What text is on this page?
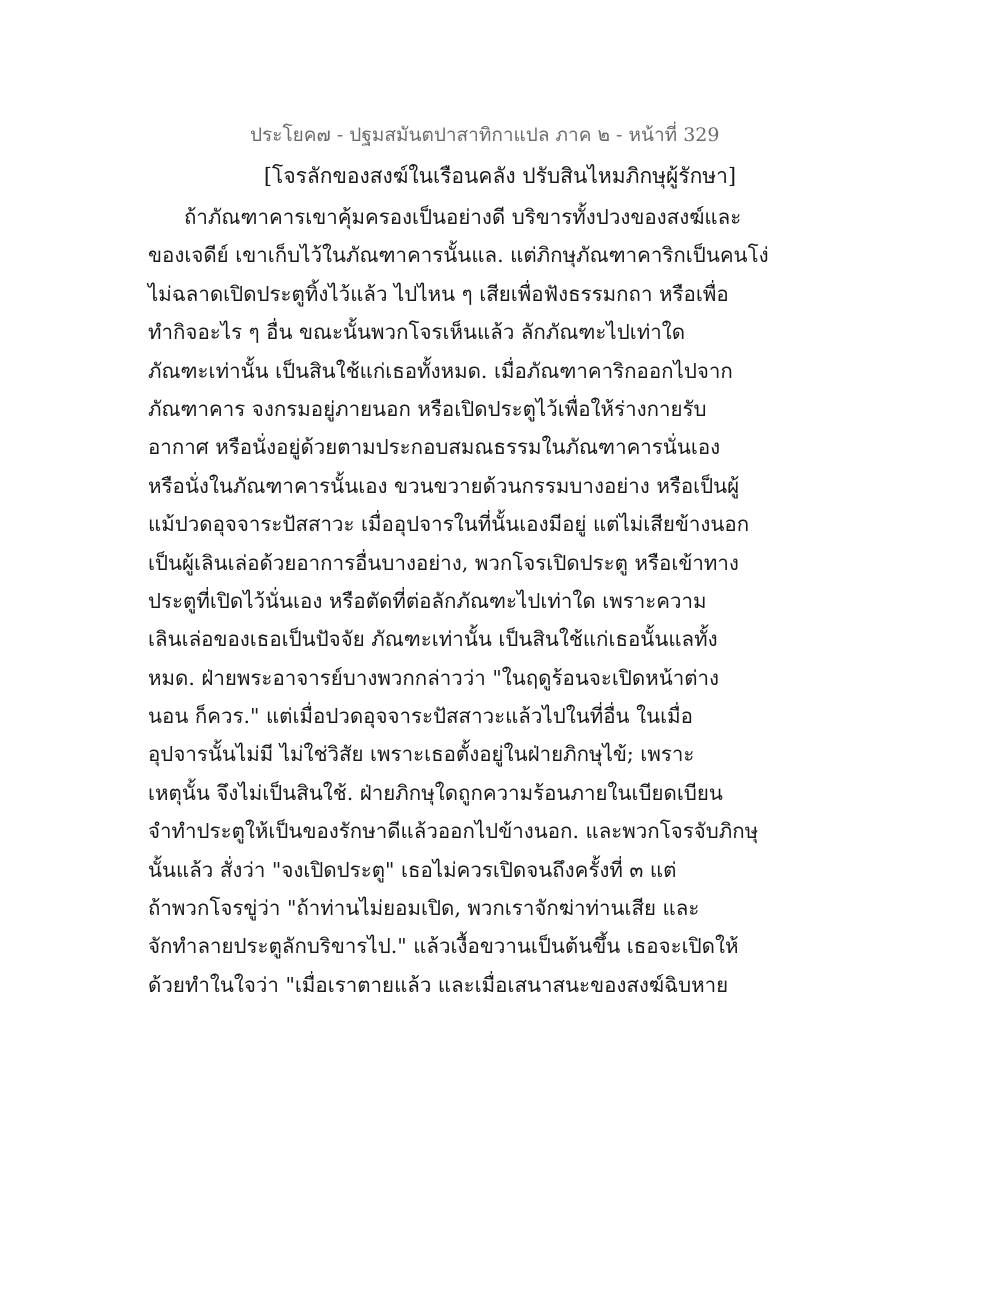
ประโยค๗ - ปฐมสมันตปาสาทิกาแปล ภาค ๒ - หน้าที่ 329
[โจรลักของสงฆ์ในเรือนคลัง ปรับสินไหมภิกษุผู้รักษา]
ถ้าภัณฑาคารเขาคุ้มครองเป็นอย่างดี บริขารทั้งปวงของสงฆ์และ
ของเจดีย์ เขาเก็บไว้ในภัณฑาคารนั้นแล. แต่ภิกษุภัณฑาคาริกเป็นคนโง่
ไม่ฉลาดเปิดประตูทิ้งไว้แล้ว ไปไหน ๆ เสียเพื่อฟังธรรมกถา หรือเพื่อ
ทำกิจอะไร ๆ อื่น ขณะนั้นพวกโจรเห็นแล้ว ลักภัณฑะไปเท่าใด
ภัณฑะเท่านั้น เป็นสินใช้แก่เธอทั้งหมด. เมื่อภัณฑาคาริกออกไปจาก
ภัณฑาคาร จงกรมอยู่ภายนอก หรือเปิดประตูไว้เพื่อให้ร่างกายรับ
อากาศ หรือนั่งอยู่ด้วยตามประกอบสมณธรรมในภัณฑาคารนั่นเอง
หรือนั่งในภัณฑาคารนั้นเอง ขวนขวายด้วนกรรมบางอย่าง หรือเป็นผู้
แม้ปวดอุจจาระปัสสาวะ เมื่ออุปจารในที่นั้นเองมีอยู่ แต่ไม่เสียข้างนอก
เป็นผู้เลินเล่อด้วยอาการอื่นบางอย่าง, พวกโจรเปิดประตู หรือเข้าทาง
ประตูที่เปิดไว้นั่นเอง หรือตัดที่ต่อลักภัณฑะไปเท่าใด เพราะความ
เลินเล่อของเธอเป็นปัจจัย ภัณฑะเท่านั้น เป็นสินใช้แก่เธอนั้นแลทั้ง
หมด. ฝ่ายพระอาจารย์บางพวกกล่าวว่า "ในฤดูร้อนจะเปิดหน้าต่าง
นอน ก็ควร." แต่เมื่อปวดอุจจาระปัสสาวะแล้วไปในที่อื่น ในเมื่อ
อุปจารนั้นไม่มี ไม่ใช่วิสัย เพราะเธอตั้งอยู่ในฝ่ายภิกษุไข้; เพราะ
เหตุนั้น จึงไม่เป็นสินใช้. ฝ่ายภิกษุใดถูกความร้อนภายในเบียดเบียน
จำทำประตูให้เป็นของรักษาดีแล้วออกไปข้างนอก. และพวกโจรจับภิกษุ
นั้นแล้ว สั่งว่า "จงเปิดประตู" เธอไม่ควรเปิดจนถึงครั้งที่ ๓ แต่
ถ้าพวกโจรขู่ว่า "ถ้าท่านไม่ยอมเปิด, พวกเราจักฆ่าท่านเสีย และ
จักทำลายประตูลักบริขารไป." แล้วเงื้อขวานเป็นต้นขึ้น เธอจะเปิดให้
ด้วยทำในใจว่า "เมื่อเราตายแล้ว และเมื่อเสนาสนะของสงฆ์ฉิบหาย
